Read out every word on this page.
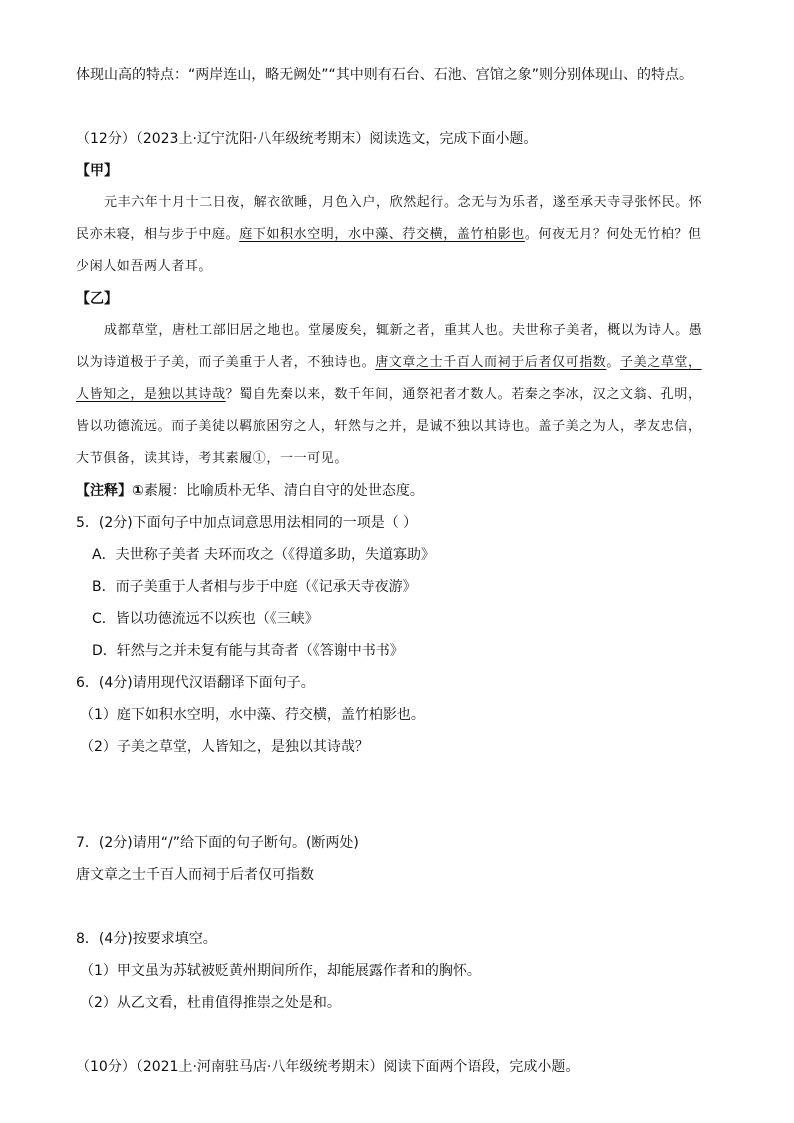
体现山高的特点：“两岸连山，略无阙处”“其中则有石台、石池、宫馆之象”则分别体现山、的特点。
（12分）（2023上·辽宁沈阳·八年级统考期末）阅读选文，完成下面小题。
【甲】
元丰六年十月十二日夜，解衣欲睡，月色入户，欣然起行。念无与为乐者，遂至承天寺寻张怀民。怀
民亦未寝，相与步于中庭。庭下如积水空明，水中藻、荇交横，盖竹柏影也。何夜无月？何处无竹柏？但
少闲人如吾两人者耳。
【乙】
成都草堂，唐杜工部旧居之地也。堂屡废矣，辄新之者，重其人也。夫世称子美者，概以为诗人。愚
以为诗道极于子美，而子美重于人者，不独诗也。唐文章之士千百人而祠于后者仅可指数。子美之草堂，
人皆知之，是独以其诗哉？蜀自先秦以来，数千年间，通祭祀者才数人。若秦之李冰，汉之文翁、孔明，
皆以功德流远。而子美徒以羁旅困穷之人，轩然与之并，是诚不独以其诗也。盖子美之为人，孝友忠信，
大节俱备，读其诗，考其素履①，一一可见。
【注释】①素履：比喻质朴无华、清白自守的处世态度。
5．(2分)下面句子中加点词意思用法相同的一项是（ ）
A．夫世称子美者 夫环而攻之（《得道多助，失道寡助》
B．而子美重于人者相与步于中庭（《记承天寺夜游》
C．皆以功德流远不以疾也（《三峡》
D．轩然与之并未复有能与其奇者（《答谢中书书》
6．(4分)请用现代汉语翻译下面句子。
（1）庭下如积水空明，水中藻、荇交横，盖竹柏影也。
（2）子美之草堂，人皆知之，是独以其诗哉？
7．(2分)请用“/”给下面的句子断句。(断两处)
唐文章之士千百人而祠于后者仅可指数
8．(4分)按要求填空。
（1）甲文虽为苏轼被贬黄州期间所作，却能展露作者和的胸怀。
（2）从乙文看，杜甫值得推崇之处是和。
（10分）（2021上·河南驻马店·八年级统考期末）阅读下面两个语段，完成小题。
